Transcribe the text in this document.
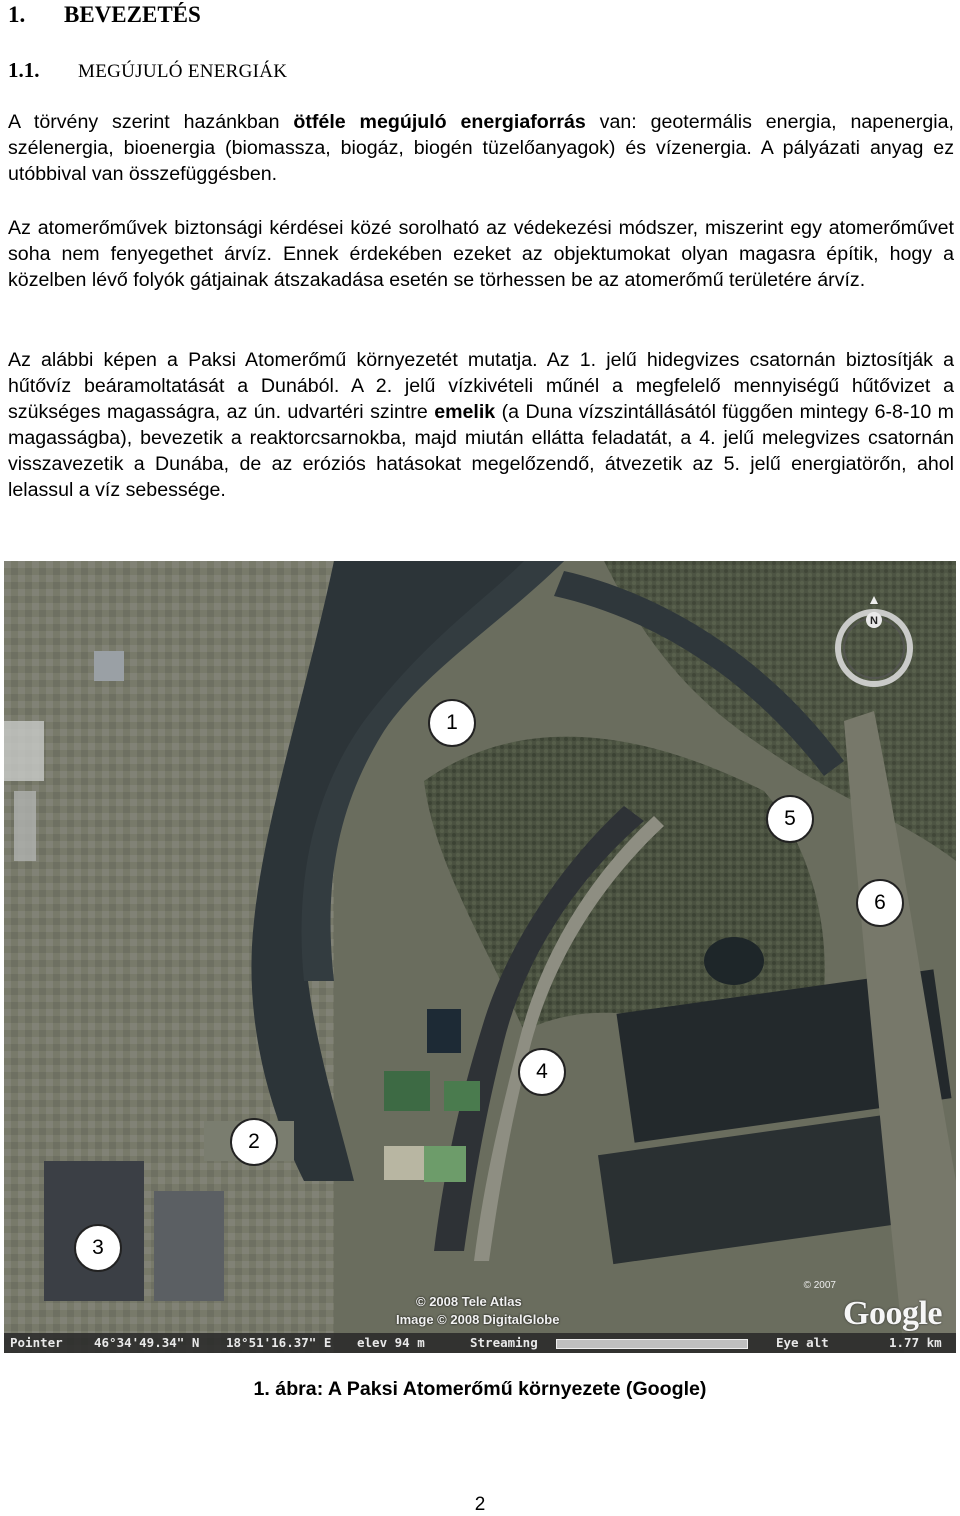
1. BEVEZETÉS
1.1. MEGÚJULÓ ENERGIÁK

A törvény szerint hazánkban ötféle megújuló energiaforrás van: geotermális energia, napenergia, szélenergia, bioenergia (biomassza, biogáz, biogén tüzelőanyagok) és vízenergia. A pályázati anyag ez utóbbival van összefüggésben.

Az atomerőművek biztonsági kérdései közé sorolható az védekezési módszer, miszerint egy atomerőművet soha nem fenyegethet árvíz. Ennek érdekében ezeket az objektumokat olyan magasra építik, hogy a közelben lévő folyók gátjainak átszakadása esetén se törhessen be az atomerőmű területére árvíz.

Az alábbi képen a Paksi Atomerőmű környezetét mutatja. Az 1. jelű hidegvizes csatornán biztosítják a hűtővíz beáramoltatását a Dunából. A 2. jelű vízkivételi műnél a megfelelő mennyiségű hűtővizet a szükséges magasságra, az ún. udvartéri szintre emelik (a Duna vízszintállásától függően mintegy 6-8-10 m magasságba), bevezetik a reaktorcsarnokba, majd miután ellátta feladatát, a 4. jelű melegvizes csatornán visszavezetik a Dunába, de az eróziós hatásokat megelőzendő, átvezetik az 5. jelű energiatörőn, ahol lelassul a víz sebessége.

N
1
5
6
4
2
3
© 2007
Google
© 2008 Tele Atlas
Image © 2008 DigitalGlobe
Pointer	46°34'49.34" N 18°51'16.37" E elev 94 m	Streaming	Eye alt	1.77 km
1. ábra: A Paksi Atomerőmű környezete (Google)
2
